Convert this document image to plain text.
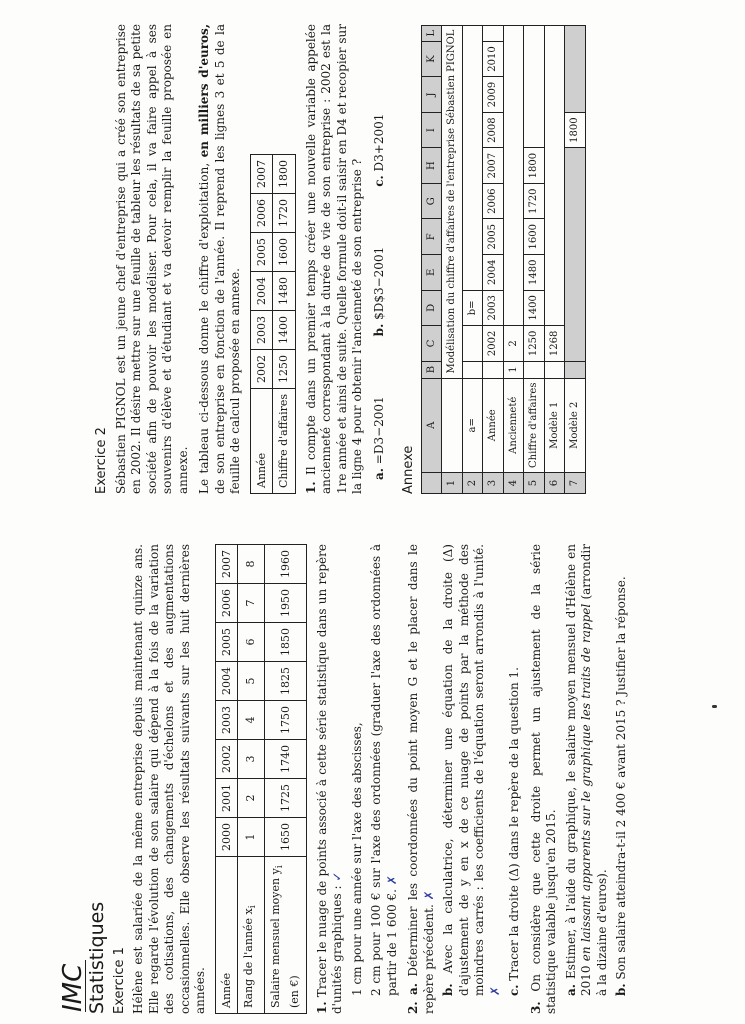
IMC
Statistiques Exercice 1 Hélène est salariée de la même entreprise depuis maintenant quinze ans. Elle regarde l'évolution de son salaire qui dépend à la fois de la variation des cotisations, des changements d'échelons et des augmentations occasionnelles. Elle observe les résultats suivants sur les huit dernières années. Année	2000	2001	2002	2003	2004	2005	2006	2007
Rang de l'année $x_i$	1	2	3	4	5	6	7	8
Salaire mensuel moyen $y_i$ (en €)	1650	1725	1740	1750	1825	1850	1950	1960
1. Tracer le nuage de points associé à cette série statistique dans un repère d'unités graphiques : ✓ 1 cm pour une année sur l'axe des abscisses, 2 cm pour 100 € sur l'axe des ordonnées (graduer l'axe des ordonnées à partir de 1 600 €. ✗
2. a. Déterminer les coordonnées du point moyen G et le placer dans le repère précédent. ✗
b. Avec la calculatrice, déterminer une équation de la droite (Δ) d'ajustement de y en x de ce nuage de points par la méthode des moindres carrés : les coefficients de l'équation seront arrondis à l'unité. ✗ c. Tracer la droite (Δ) dans le repère de la question 1.
3. On considère que cette droite permet un ajustement de la série statistique valable jusqu'en 2015. a. Estimer, à l'aide du graphique, le salaire moyen mensuel d'Hélène en 2010 en laissant apparents sur le graphique les traits de rappel (arrondir à la dizaine d'euros). b. Son salaire atteindra-t-il 2 400 € avant 2015 ? Justifier la réponse.
Exercice 2 Sébastien PIGNOL est un jeune chef d'entreprise qui a créé son entreprise en 2002. Il désire mettre sur une feuille de tableur les résultats de sa petite société afin de pouvoir les modéliser. Pour cela, il va faire appel à ses souvenirs d'élève et d'étudiant et va devoir remplir la feuille proposée en annexe. Le tableau ci-dessous donne le chiffre d'exploitation, en milliers d'euros, de son entreprise en fonction de l'année. Il reprend les lignes 3 et 5 de la feuille de calcul proposée en annexe. Année	2002	2003	2004	2005	2006	2007
Chiffre d'affaires	1250	1400	1480	1600	1720	1800
1. Il compte dans un premier temps créer une nouvelle variable appelée ancienneté correspondant à la durée de vie de son entreprise : 2002 est la 1re année et ainsi de suite. Quelle formule doit-il saisir en D4 et recopier sur la ligne 4 pour obtenir l'ancienneté de son entreprise ? a. =D3−2001
b. $D$3−2001
c. D3+2001
Annexe
	A	B	C	D	E	F	G	H	I	J	K	L
1		Modélisation du chiffre d'affaires de l'entreprise Sébastien PIGNOL										
2	a=			b=								
3	Année		2002	2003	2004	2005	2006	2007	2008	2009	2010	
4	Ancienneté	1	2									
5	Chiffre d'affaires		1250	1400	1480	1600	1720	1800				
6	Modèle 1		1268									
7	Modèle 2								1800			
